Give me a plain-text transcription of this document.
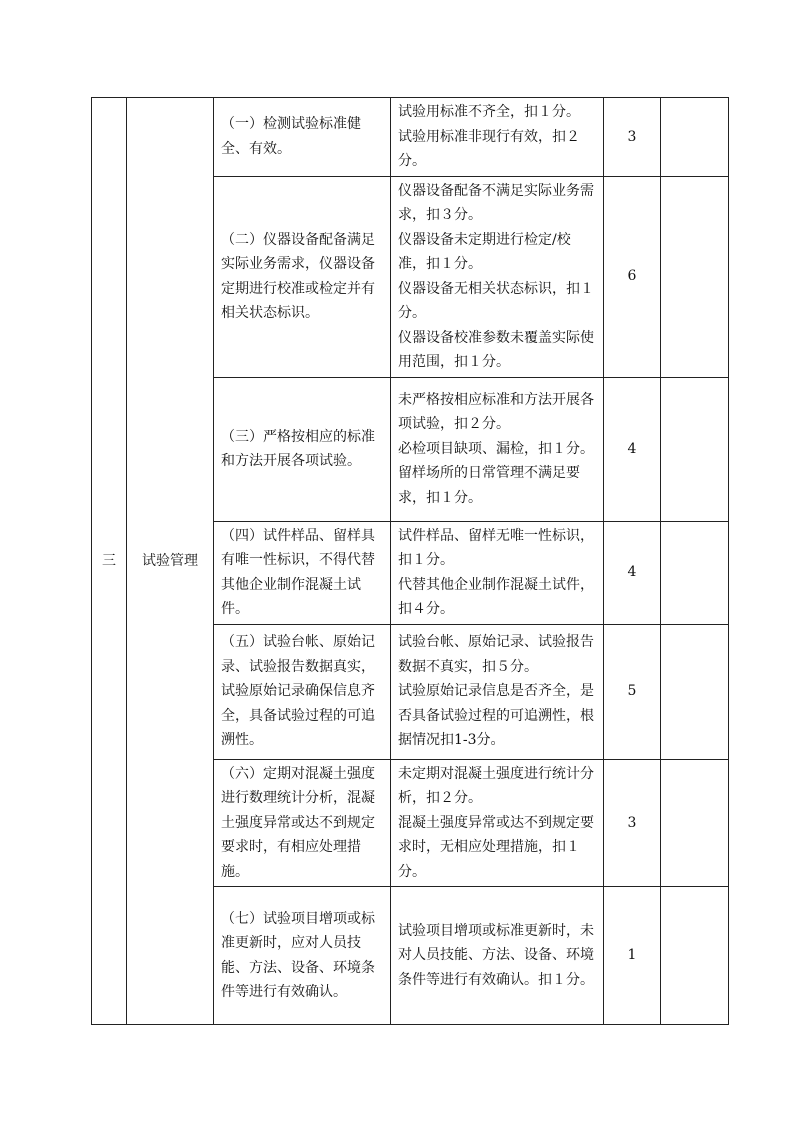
三	试验管理	（一）检测试验标准健全、有效。	试验用标准不齐全，扣１分。
试验用标准非现行有效，扣２分。	3	
		（二）仪器设备配备满足实际业务需求，仪器设备定期进行校准或检定并有相关状态标识。	仪器设备配备不满足实际业务需求，扣３分。
仪器设备未定期进行检定/校准，扣１分。
仪器设备无相关状态标识，扣１分。
仪器设备校准参数未覆盖实际使用范围，扣１分。	6	
		（三）严格按相应的标准和方法开展各项试验。	未严格按相应标准和方法开展各项试验，扣２分。
必检项目缺项、漏检，扣１分。
留样场所的日常管理不满足要求，扣１分。	4	
		（四）试件样品、留样具有唯一性标识，不得代替其他企业制作混凝土试件。	试件样品、留样无唯一性标识，扣１分。
代替其他企业制作混凝土试件，扣４分。	4	
		（五）试验台帐、原始记录、试验报告数据真实，试验原始记录确保信息齐全，具备试验过程的可追溯性。	试验台帐、原始记录、试验报告数据不真实，扣５分。
试验原始记录信息是否齐全，是否具备试验过程的可追溯性，根据情况扣1-3分。	5	
		（六）定期对混凝土强度进行数理统计分析，混凝土强度异常或达不到规定要求时，有相应处理措施。	未定期对混凝土强度进行统计分析，扣２分。
混凝土强度异常或达不到规定要求时，无相应处理措施，扣１分。	3	
		（七）试验项目增项或标准更新时，应对人员技能、方法、设备、环境条件等进行有效确认。	试验项目增项或标准更新时，未对人员技能、方法、设备、环境条件等进行有效确认。扣１分。	1	
